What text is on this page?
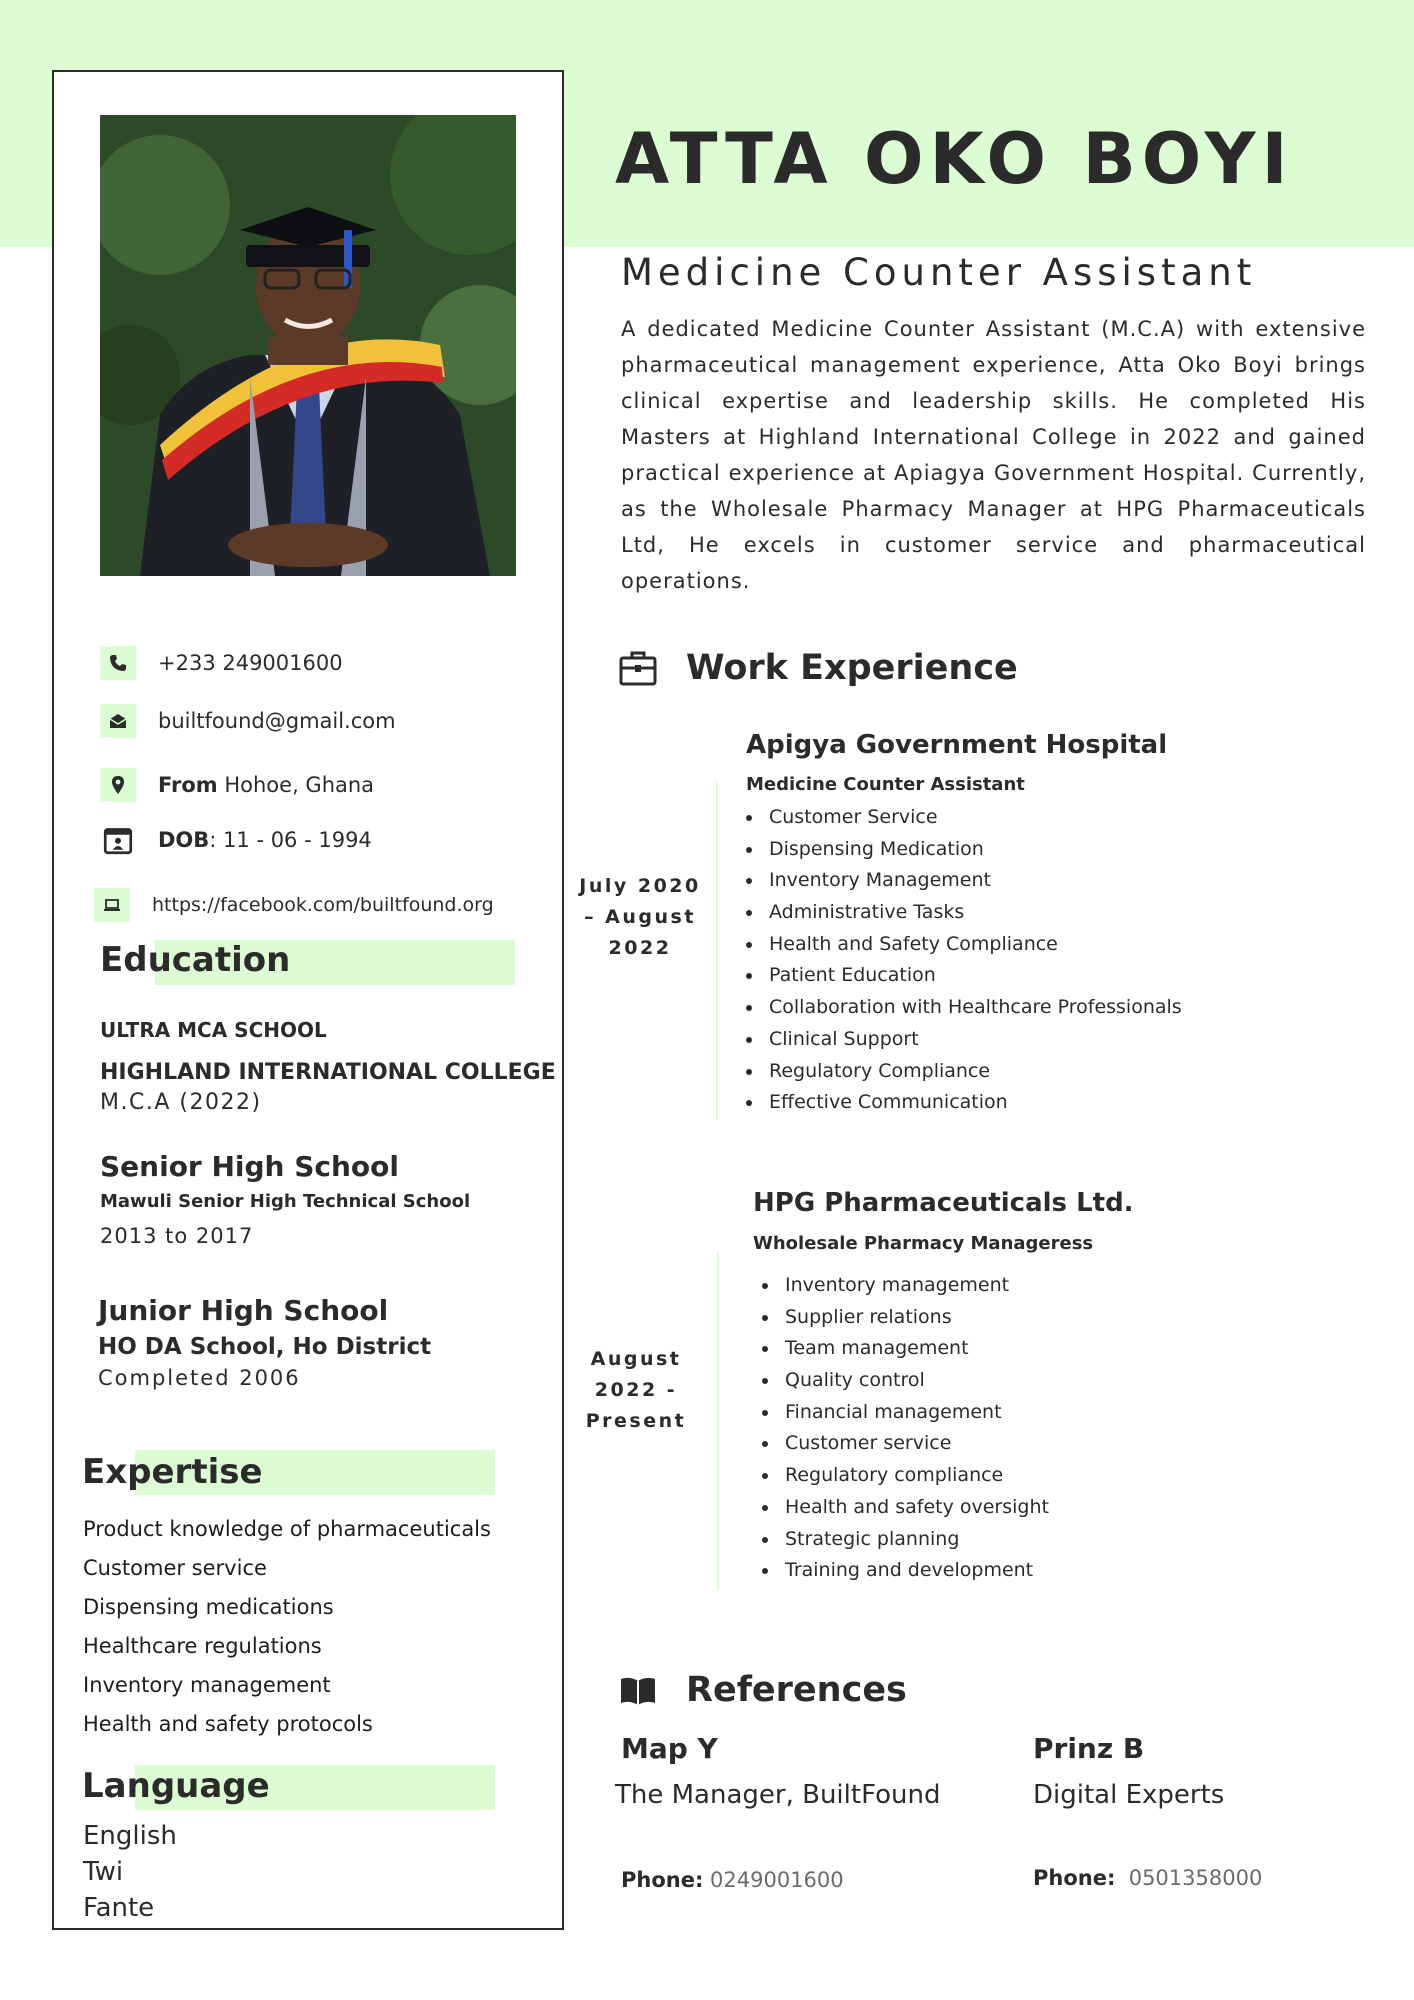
ATTA OKO BOYI
Medicine Counter Assistant

A dedicated Medicine Counter Assistant (M.C.A) with extensive pharmaceutical management experience, Atta Oko Boyi brings clinical expertise and leadership skills. He completed His Masters at Highland International College in 2022 and gained practical experience at Apiagya Government Hospital. Currently, as the Wholesale Pharmacy Manager at HPG Pharmaceuticals Ltd, He excels in customer service and pharmaceutical operations.

+233 249001600
builtfound@gmail.com
From Hohoe, Ghana
DOB: 11 - 06 - 1994
https://facebook.com/builtfound.org
Education
ULTRA MCA SCHOOL
HIGHLAND INTERNATIONAL COLLEGE
M.C.A (2022)
Senior High School
Mawuli Senior High Technical School
2013 to 2017
Junior High School
HO DA School, Ho District
Completed 2006
Expertise
Product knowledge of pharmaceuticals
Customer service
Dispensing medications
Healthcare regulations
Inventory management
Health and safety protocols
Language
English
Twi
Fante
Work Experience
Apigya Government Hospital
Medicine Counter Assistant
July 2020
– August
2022
Customer Service
Dispensing Medication
Inventory Management
Administrative Tasks
Health and Safety Compliance
Patient Education
Collaboration with Healthcare Professionals
Clinical Support
Regulatory Compliance
Effective Communication
HPG Pharmaceuticals Ltd.
Wholesale Pharmacy Manageress
August
2022 -
Present
Inventory management
Supplier relations
Team management
Quality control
Financial management
Customer service
Regulatory compliance
Health and safety oversight
Strategic planning
Training and development
References
Map Y
The Manager, BuiltFound
Phone: 0249001600
Prinz B
Digital Experts
Phone:  0501358000
